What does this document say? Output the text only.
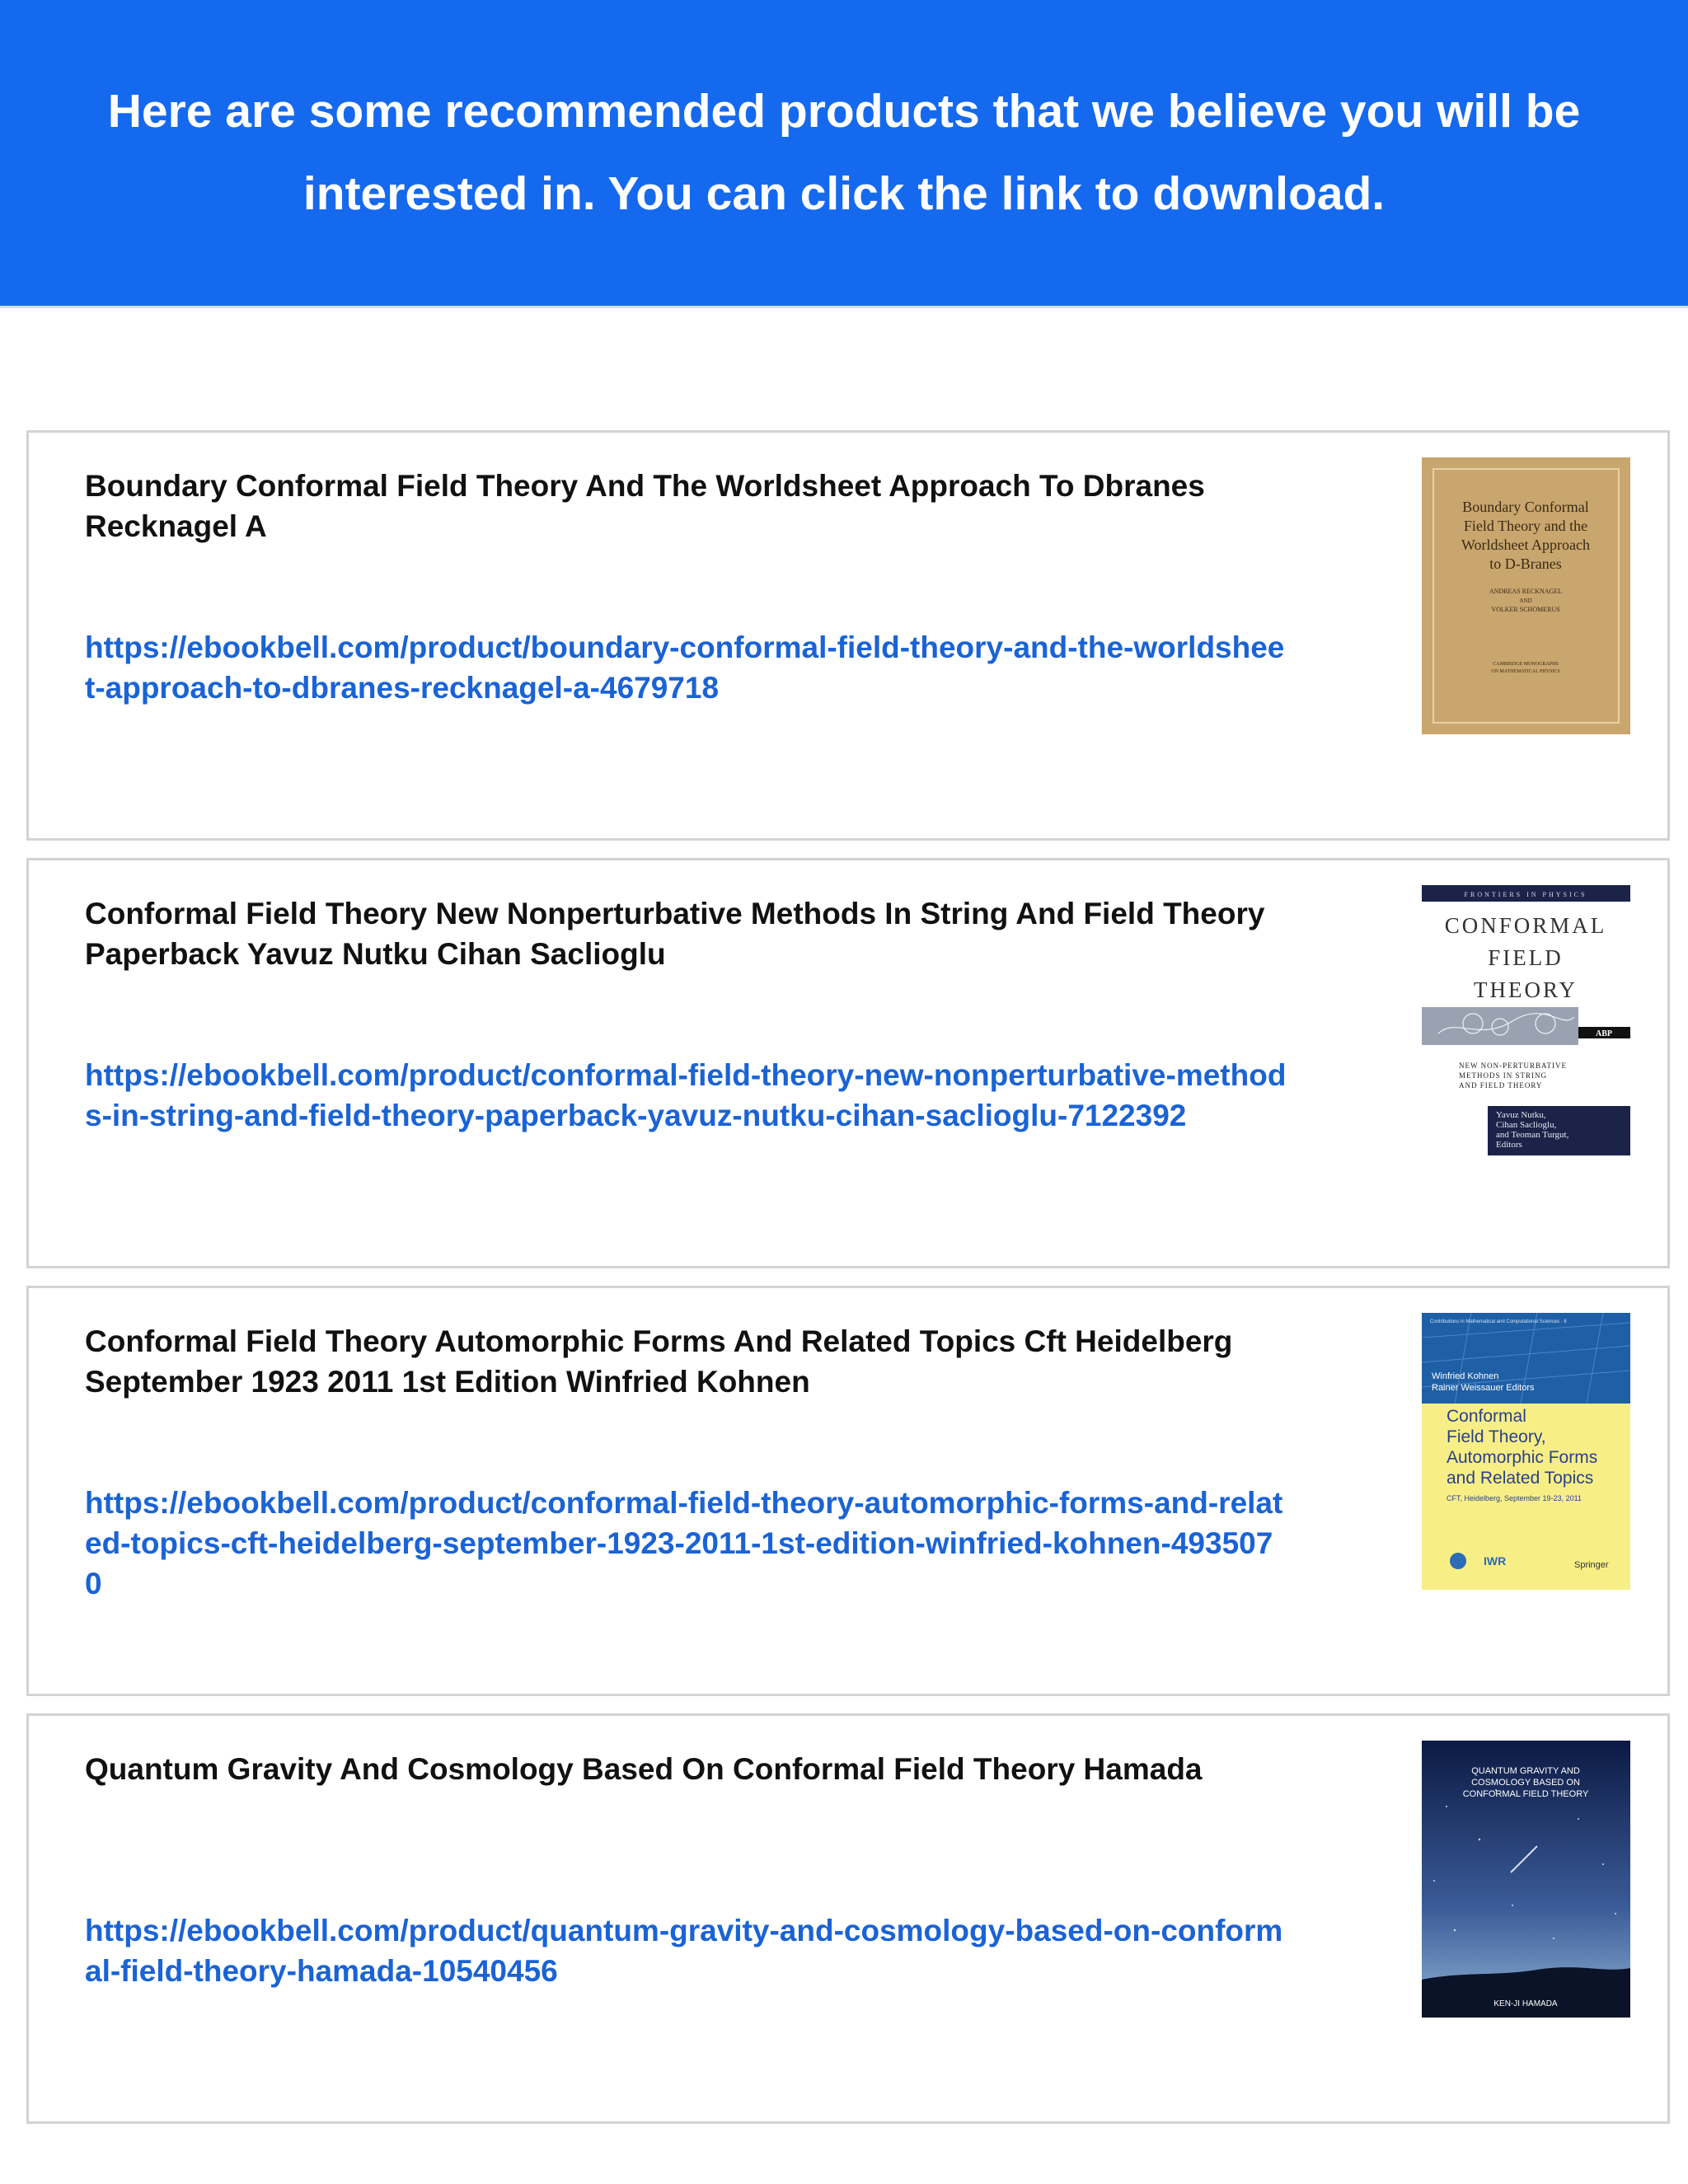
Here are some recommended products that we believe you will be interested in. You can click the link to download.

Boundary Conformal Field Theory And The Worldsheet Approach To Dbranes Recknagel A

https://ebookbell.com/product/boundary-conformal-field-theory-and-the-worldsheet-approach-to-dbranes-recknagel-a-4679718
Boundary Conformal
Field Theory and the
Worldsheet Approach
to D-Branes
ANDREAS RECKNAGEL
AND
VOLKER SCHOMERUS
CAMBRIDGE MONOGRAPHS
ON MATHEMATICAL PHYSICS

Conformal Field Theory New Nonperturbative Methods In String And Field Theory Paperback Yavuz Nutku Cihan Saclioglu

https://ebookbell.com/product/conformal-field-theory-new-nonperturbative-methods-in-string-and-field-theory-paperback-yavuz-nutku-cihan-saclioglu-7122392
FRONTIERS IN PHYSICS
CONFORMAL
FIELD
THEORY
ABP
NEW NON-PERTURBATIVE
METHODS IN STRING
AND FIELD THEORY
Yavuz Nutku,
Cihan Saclioglu,
and Teoman Turgut,
Editors

Conformal Field Theory Automorphic Forms And Related Topics Cft Heidelberg September 1923 2011 1st Edition Winfried Kohnen

https://ebookbell.com/product/conformal-field-theory-automorphic-forms-and-related-topics-cft-heidelberg-september-1923-2011-1st-edition-winfried-kohnen-4935070
Contributions in Mathematical and Computational Sciences · 8
Winfried Kohnen
Rainer Weissauer Editors
Conformal
Field Theory,
Automorphic Forms
and Related Topics
CFT, Heidelberg, September 19-23, 2011
IWR	Springer

Quantum Gravity And Cosmology Based On Conformal Field Theory Hamada

https://ebookbell.com/product/quantum-gravity-and-cosmology-based-on-conformal-field-theory-hamada-10540456
QUANTUM GRAVITY AND
COSMOLOGY BASED ON
CONFORMAL FIELD THEORY
KEN-JI HAMADA
